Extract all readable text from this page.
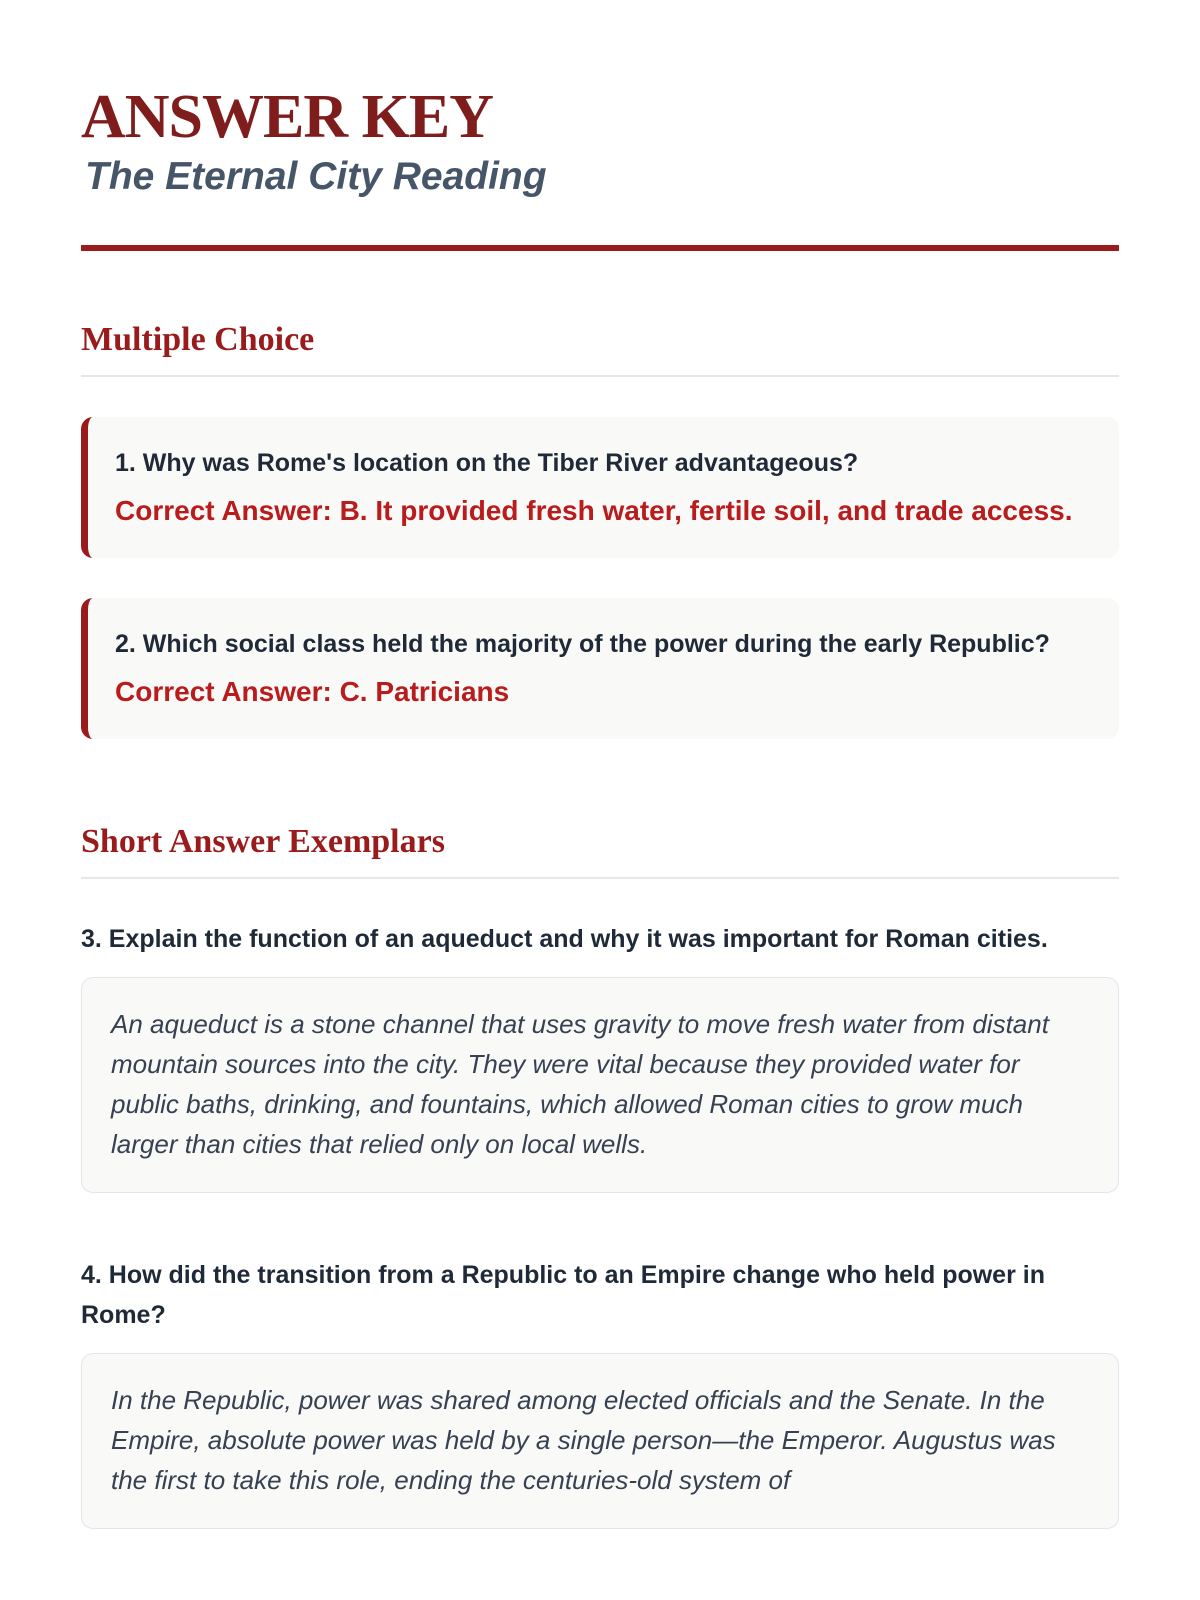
ANSWER KEY

The Eternal City Reading

Multiple Choice
1. Why was Rome's location on the Tiber River advantageous?
Correct Answer: B. It provided fresh water, fertile soil, and trade access.
2. Which social class held the majority of the power during the early Republic?
Correct Answer: C. Patricians
Short Answer Exemplars
3. Explain the function of an aqueduct and why it was important for Roman cities.
An aqueduct is a stone channel that uses gravity to move fresh water from distant mountain sources into the city. They were vital because they provided water for public baths, drinking, and fountains, which allowed Roman cities to grow much larger than cities that relied only on local wells.
4. How did the transition from a Republic to an Empire change who held power in Rome?
In the Republic, power was shared among elected officials and the Senate. In the Empire, absolute power was held by a single person—the Emperor. Augustus was the first to take this role, ending the centuries-old system of
